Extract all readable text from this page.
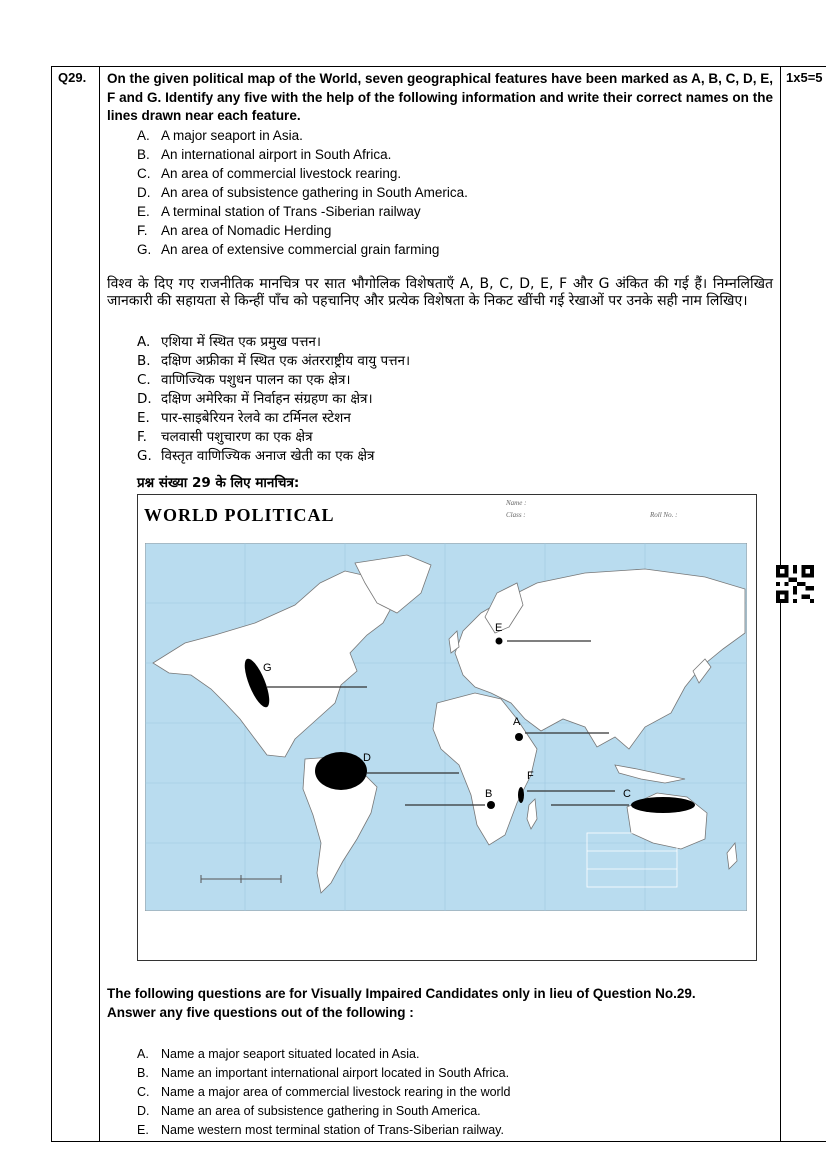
Q29.	1x5=5
On the given political map of the World, seven geographical features have been marked as A, B, C, D, E, F and G. Identify any five with the help of the following information and write their correct names on the lines drawn near each feature.
A. A major seaport in Asia.
B. An international airport in South Africa.
C. An area of commercial livestock rearing.
D. An area of subsistence gathering in South America.
E. A terminal station of Trans -Siberian railway
F. An area of Nomadic Herding
G. An area of extensive commercial grain farming
विश्व के दिए गए राजनीतिक मानचित्र पर सात भौगोलिक विशेषताएँ A, B, C, D, E, F और G अंकित की गई हैं। निम्नलिखित जानकारी की सहायता से किन्हीं पाँच को पहचानिए और प्रत्येक विशेषता के निकट खींची गई रेखाओं पर उनके सही नाम लिखिए।
A. एशिया में स्थित एक प्रमुख पत्तन।
B. दक्षिण अफ्रीका में स्थित एक अंतरराष्ट्रीय वायु पत्तन।
C. वाणिज्यिक पशुधन पालन का एक क्षेत्र।
D. दक्षिण अमेरिका में निर्वाहन संग्रहण का क्षेत्र।
E. पार-साइबेरियन रेलवे का टर्मिनल स्टेशन
F.	चलवासी पशुचारण का एक क्षेत्र
G. विस्तृत वाणिज्यिक अनाज खेती का एक क्षेत्र
प्रश्न संख्या 29 के लिए मानचित्र:
WORLD POLITICAL
Name :
Class :	Roll No. :
G
E
A
D
F
B	C
The following questions are for Visually Impaired Candidates only in lieu of Question No.29.
Answer any five questions out of the following :
A. Name a major seaport situated located in Asia.
B. Name an important international airport located in South Africa.
C. Name a major area of commercial livestock rearing in the world
D. Name an area of subsistence gathering in South America.
E. Name western most terminal station of Trans-Siberian railway.
